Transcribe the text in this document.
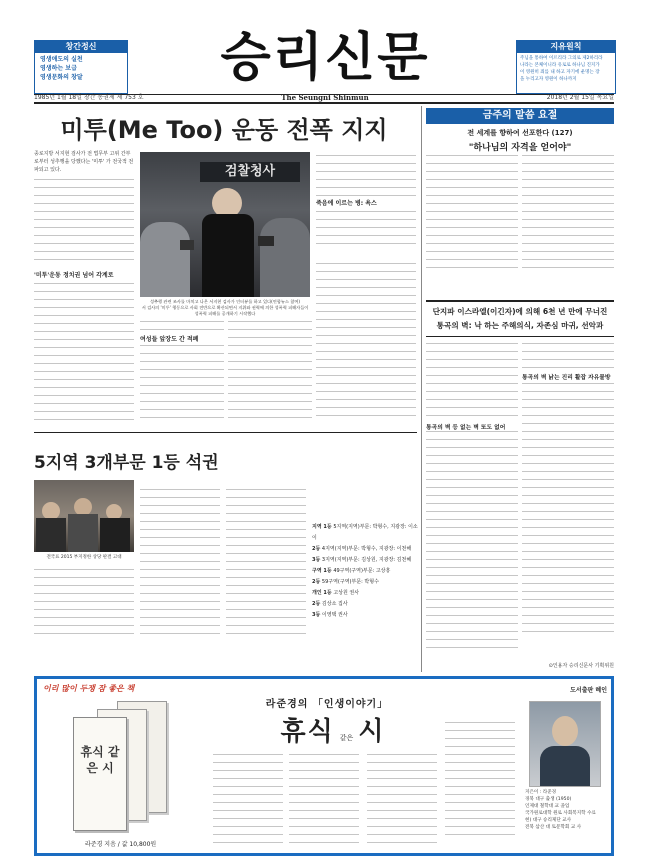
창간정신
영생애도의 실천
영생하는 보급
영생문화의 창달	승리신문	지유원칙
주님을 통하여 이르리라 그의로 제2하리라
나라는 본체이니라 유로로 하나님 진지가
이 영원히 죄를 내 하고 자기에 운명는 장
을 누리고자 영원이 하나까지
1985년 1월 18일 창간 통권제 제 753 호	The Seungni Shinmun	2018년 2월 15일 목요일
미투(Me Too) 운동 전폭 지지
종로지방 서지현 검사가 전 법무부 고위 간부로부터 성추행을 당했다는 '미투' 가 전국적 전파되고 있다.
'미투'운동 정치권 넘어 각계로
검찰청사
성추행 관련 조사를 마치고 나온 서지현 검사가 인터뷰를 하고 있다(연합뉴스 참여)
서 검사의 '미투' 행동으로 사회 전반으로 확산되면서 지위와 권력에 의한 성폭력 피해자들이
성폭력 피해를 공개하기 시작했다
죽음에 이르는 병: 욕스
여성들 앞장도 간 적폐
금주의 말씀 요절
전 세계를 향하여 선포한다 (127)
"하나님의 자격을 얻어야"
단지파 이스라엘(이긴자)에 의해 6천 년 만에 무너진
통곡의 벽: 낙 하는 주해의식, 자존심 마귀, 선악과
통곡의 벽 등 없는 벽 또도 없어
통곡의 벽 낡는 진리 활잡 자유물방
⊙인용자 승리신문사 기획위원
5지역 3개부문 1등 석권
전국표 2015 부지정한 상당 판결 고대
지역 1등 5지역(지역)부문: 박형수, 지광장: 이소이
2등 4지역(지역)부문: 박형수, 지광장: 이천해
3등 3지역(지역)부문: 김상원, 지광장: 김천혜
구역 1등 49구역(구역)부문: 고상흥
2등 59구역(구역)부문: 박형수
개인 1등 고상원 권사
2등 김상소 집사
3등 이영택 권사
이리 많이 두쟁 잠 좋은 책
휴식 같은 시
라준경 지음 / 값 10,800원
라준경의 「인생이야기」
휴식 같은 시
도서출판 혜인
지은이 : 라준경
경북 대구 출생 (1950)
인제대 철학대 교 졸업
국가원로대학 원로 사회복지학 수료
현) 대구 승리제단 교사
전북 삼산 대 토문학회 교 사
